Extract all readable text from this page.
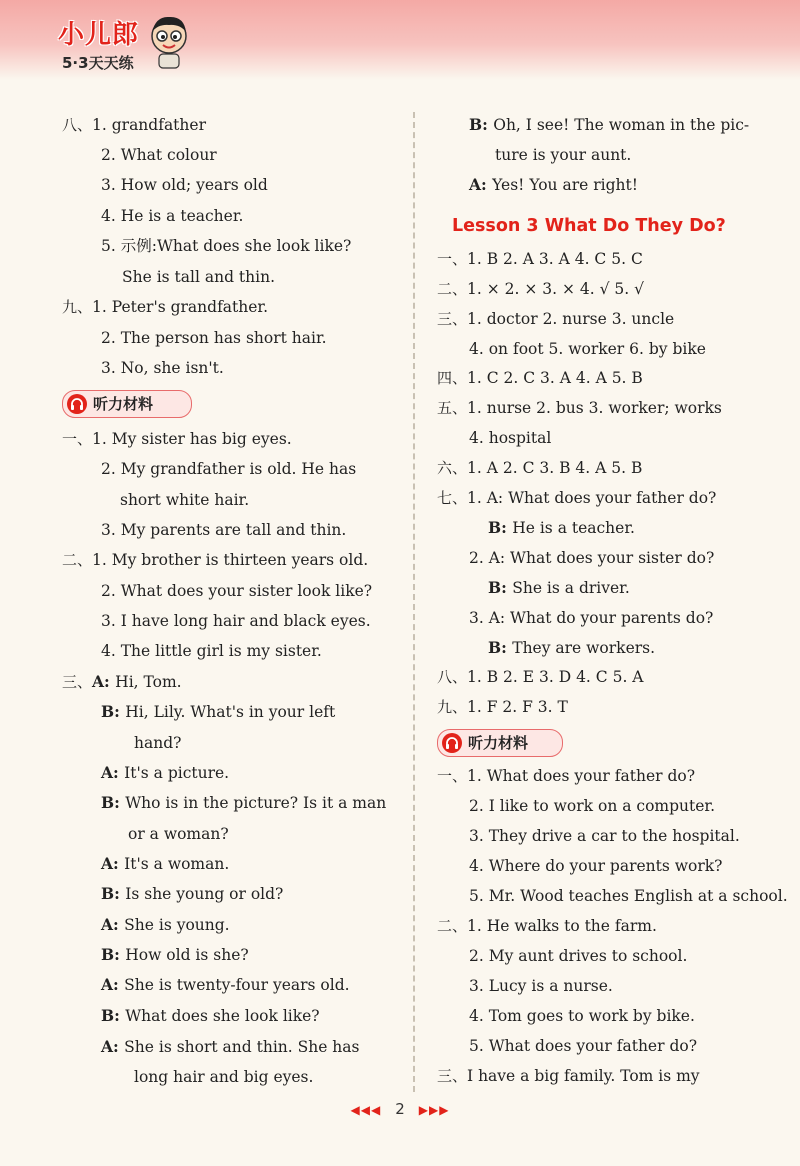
小儿郎
5·3天天练
八、1. grandfather
2. What colour
3. How old; years old
4. He is a teacher.
5. 示例:What does she look like?
She is tall and thin.
九、1. Peter's grandfather.
2. The person has short hair.
3. No, she isn't.
一、1. My sister has big eyes.
2. My grandfather is old. He has
short white hair.
3. My parents are tall and thin.
二、1. My brother is thirteen years old.
2. What does your sister look like?
3. I have long hair and black eyes.
4. The little girl is my sister.
三、A: Hi, Tom.
B: Hi, Lily. What's in your left
hand?
A: It's a picture.
B: Who is in the picture? Is it a man
or a woman?
A: It's a woman.
B: Is she young or old?
A: She is young.
B: How old is she?
A: She is twenty-four years old.
B: What does she look like?
A: She is short and thin. She has
long hair and big eyes.
B: Oh, I see! The woman in the pic-
ture is your aunt.
A: Yes! You are right!
一、1. B 2. A 3. A 4. C 5. C
二、1. × 2. × 3. × 4. √ 5. √
三、1. doctor 2. nurse 3. uncle
4. on foot 5. worker 6. by bike
四、1. C 2. C 3. A 4. A 5. B
五、1. nurse 2. bus 3. worker; works
4. hospital
六、1. A 2. C 3. B 4. A 5. B
七、1. A: What does your father do?
B: He is a teacher.
2. A: What does your sister do?
B: She is a driver.
3. A: What do your parents do?
B: They are workers.
八、1. B 2. E 3. D 4. C 5. A
九、1. F 2. F 3. T
一、1. What does your father do?
2. I like to work on a computer.
3. They drive a car to the hospital.
4. Where do your parents work?
5. Mr. Wood teaches English at a school.
二、1. He walks to the farm.
2. My aunt drives to school.
3. Lucy is a nurse.
4. Tom goes to work by bike.
5. What does your father do?
三、I have a big family. Tom is my
听力材料
听力材料
Lesson 3 What Do They Do?
◀◀◀ 2 ▶▶▶
